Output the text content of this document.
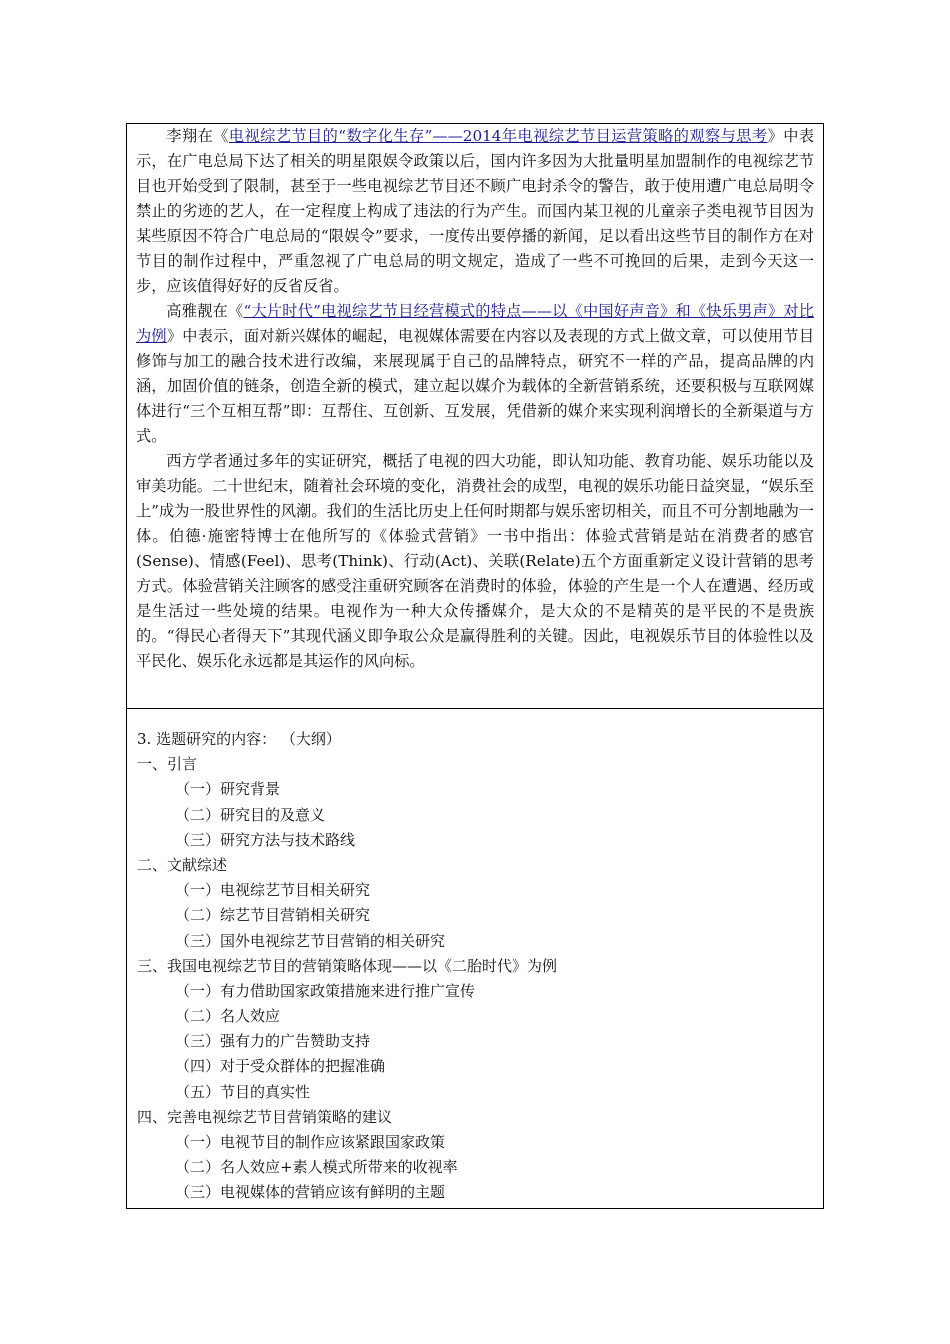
李翔在《电视综艺节目的“数字化生存”——2014年电视综艺节目运营策略的观察与思考》中表示，在广电总局下达了相关的明星限娱令政策以后，国内许多因为大批量明星加盟制作的电视综艺节目也开始受到了限制，甚至于一些电视综艺节目还不顾广电封杀令的警告，敢于使用遭广电总局明令禁止的劣迹的艺人，在一定程度上构成了违法的行为产生。而国内某卫视的儿童亲子类电视节目因为某些原因不符合广电总局的“限娱令”要求，一度传出要停播的新闻，足以看出这些节目的制作方在对节目的制作过程中，严重忽视了广电总局的明文规定，造成了一些不可挽回的后果，走到今天这一步，应该值得好好的反省反省。

高雅靓在《“大片时代”电视综艺节目经营模式的特点——以《中国好声音》和《快乐男声》对比为例》中表示，面对新兴媒体的崛起，电视媒体需要在内容以及表现的方式上做文章，可以使用节目修饰与加工的融合技术进行改编，来展现属于自己的品牌特点，研究不一样的产品，提高品牌的内涵，加固价值的链条，创造全新的模式，建立起以媒介为载体的全新营销系统，还要积极与互联网媒体进行“三个互相互帮”即：互帮住、互创新、互发展，凭借新的媒介来实现利润增长的全新渠道与方式。

西方学者通过多年的实证研究，概括了电视的四大功能，即认知功能、教育功能、娱乐功能以及审美功能。二十世纪末，随着社会环境的变化，消费社会的成型，电视的娱乐功能日益突显，“娱乐至上”成为一股世界性的风潮。我们的生活比历史上任何时期都与娱乐密切相关，而且不可分割地融为一体。伯德·施密特博士在他所写的《体验式营销》一书中指出：体验式营销是站在消费者的感官(Sense)、情感(Feel)、思考(Think)、行动(Act)、关联(Relate)五个方面重新定义设计营销的思考方式。体验营销关注顾客的感受注重研究顾客在消费时的体验，体验的产生是一个人在遭遇、经历或是生活过一些处境的结果。电视作为一种大众传播媒介，是大众的不是精英的是平民的不是贵族的。“得民心者得天下”其现代涵义即争取公众是赢得胜利的关键。因此，电视娱乐节目的体验性以及平民化、娱乐化永远都是其运作的风向标。

3. 选题研究的内容： （大纲）
一、引言
（一）研究背景
（二）研究目的及意义
（三）研究方法与技术路线
二、文献综述
（一）电视综艺节目相关研究
（二）综艺节目营销相关研究
（三）国外电视综艺节目营销的相关研究
三、我国电视综艺节目的营销策略体现——以《二胎时代》为例
（一）有力借助国家政策措施来进行推广宣传
（二）名人效应
（三）强有力的广告赞助支持
（四）对于受众群体的把握准确
（五）节目的真实性
四、完善电视综艺节目营销策略的建议
（一）电视节目的制作应该紧跟国家政策
（二）名人效应+素人模式所带来的收视率
（三）电视媒体的营销应该有鲜明的主题
